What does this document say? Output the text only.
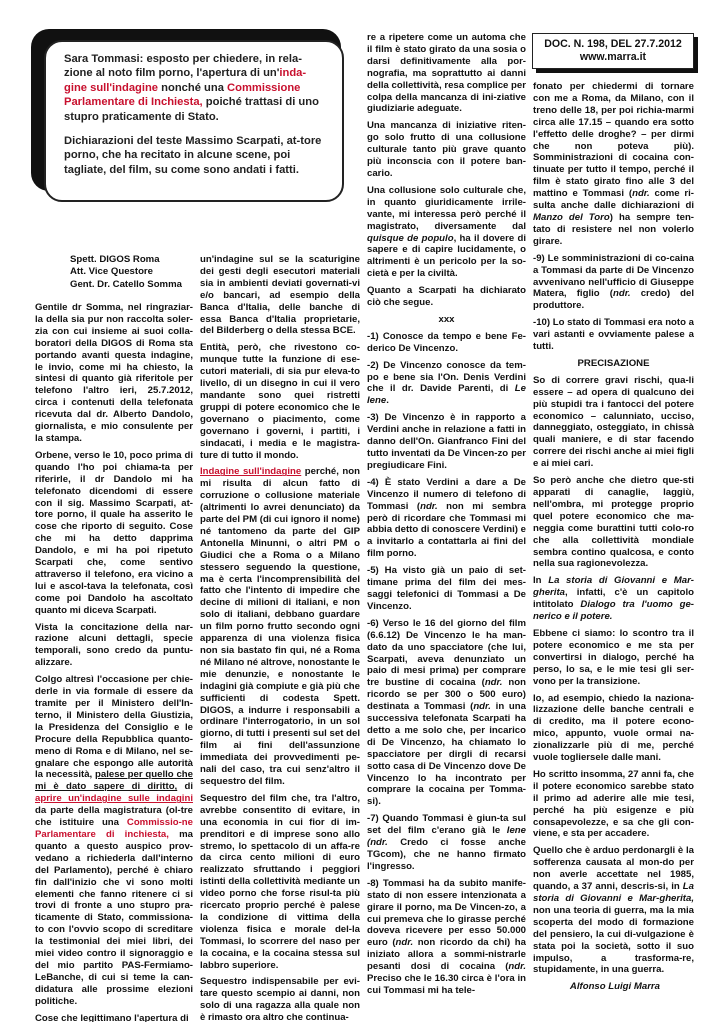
Sara Tommasi: esposto per chiedere, in rela-zione al noto film porno, l'apertura di un'inda-gine sull'indagine nonché una Commissione Parlamentare di Inchiesta, poiché trattasi di uno stupro praticamente di Stato.
Dichiarazioni del teste Massimo Scarpati, at-tore porno, che ha recitato in alcune scene, poi tagliate, del film, su come sono andati i fatti.
DOC. N. 198, DEL 27.7.2012
www.marra.it
Spett. DIGOS Roma
Att. Vice Questore
Gent. Dr. Catello Somma

Gentile dr Somma, nel ringraziar-la della sia pur non raccolta soler-zia con cui insieme ai suoi colla-boratori della DIGOS di Roma sta portando avanti questa indagine, le invio, come mi ha chiesto, la sintesi di quanto già riferitole per telefono l'altro ieri, 25.7.2012, circa i contenuti della telefonata ricevuta dal dr. Alberto Dandolo, giornalista, e mio consulente per la stampa.

Orbene, verso le 10, poco prima di quando l'ho poi chiama-ta per riferirle, il dr Dandolo mi ha telefonato dicendomi di essere con il sig. Massimo Scarpati, at-tore porno, il quale ha asserito le cose che riporto di seguito. Cose che mi ha detto dapprima Dandolo, e mi ha poi ripetuto Scarpati che, come sentivo attraverso il telefono, era vicino a lui e ascol-tava la telefonata, così come poi Dandolo ha ascoltato quanto mi diceva Scarpati.

Vista la concitazione della nar-razione alcuni dettagli, specie temporali, sono credo da puntu-alizzare.

Colgo altresì l'occasione per chie-derle in via formale di essere da tramite per il Ministero dell'In-terno, il Ministero della Giustizia, la Presidenza del Consiglio e le Procure della Repubblica quanto-meno di Roma e di Milano, nel se-gnalare che espongo alle autorità la necessità, palese per quello che mi è dato sapere di diritto, di aprire un'indagine sulle indagini da parte della magistratura (ol-tre che istituire una Commissio-ne Parlamentare di inchiesta, ma quanto a questo auspico prov-vedano a richiederla dall'interno del Parlamento), perché è chiaro fin dall'inizio che vi sono molti elementi che fanno ritenere ci si trovi di fronte a uno stupro pra-ticamente di Stato, commissiona-to con l'ovvio scopo di screditare la testimonial dei miei libri, dei miei video contro il signoraggio e del mio partito PAS-Fermiamo-LeBanche, di cui si teme la can-didatura alle prossime elezioni politiche.

Cose che legittimano l'apertura di

un'indagine sul se la scaturigine dei gesti degli esecutori materiali sia in ambienti deviati governati-vi e/o bancari, ad esempio della Banca d'Italia, delle banche di essa Banca d'Italia proprietarie, del Bilderberg o della stessa BCE.

Entità, però, che rivestono co-munque tutte la funzione di ese-cutori materiali, di sia pur eleva-to livello, di un disegno in cui il vero mandante sono quei ristretti gruppi di potere economico che le governano o piacimento, come governano i governi, i partiti, i sindacati, i media e le magistra-ture di tutto il mondo.

Indagine sull'indagine perché, non mi risulta di alcun fatto di corruzione o collusione materiale (altrimenti lo avrei denunciato) da parte del PM (di cui ignoro il nome) né tantomeno da parte del GIP Antonella Minunni, o altri PM o Giudici che a Roma o a Milano stessero seguendo la questione, ma è certa l'incomprensibilità del fatto che l'intento di impedire che decine di milioni di italiani, e non solo di italiani, debbano guardare un film porno frutto secondo ogni apparenza di una violenza fisica non sia bastato fin qui, né a Roma né Milano né altrove, nonostante le mie denunzie, e nonostante le indagini già compiute e già più che sufficienti di codesta Spett. DIGOS, a indurre i responsabili a ordinare l'interrogatorio, in un sol giorno, di tutti i presenti sul set del film ai fini dell'assunzione immediata dei provvedimenti pe-nali del caso, tra cui senz'altro il sequestro del film.

Sequestro del film che, tra l'altro, avrebbe consentito di evitare, in una economia in cui fior di im-prenditori e di imprese sono allo stremo, lo spettacolo di un affa-re da circa cento milioni di euro realizzato sfruttando i peggiori istinti della collettività mediante un video porno che forse risul-ta più ricercato proprio perché è palese la condizione di vittima della violenza fisica e morale del-la Tommasi, lo scorrere del naso per la cocaina, e la cocaina stessa sul labbro superiore.

Sequestro indispensabile per evi-tare questo scempio ai danni, non solo di una ragazza alla quale non è rimasto ora altro che continua-

re a ripetere come un automa che il film è stato girato da una sosia o darsi definitivamente alla por-nografia, ma soprattutto ai danni della collettività, resa complice per colpa della mancanza di ini-ziative giudiziarie adeguate.

Una mancanza di iniziative riten-go solo frutto di una collusione culturale tanto più grave quanto più inconscia con il potere ban-cario.

Una collusione solo culturale che, in quanto giuridicamente irrile-vante, mi interessa però perché il magistrato, diversamente dal quisque de populo, ha il dovere di sapere e di capire lucidamente, o altrimenti è un pericolo per la so-cietà e per la civiltà.

Quanto a Scarpati ha dichiarato ciò che segue.

xxx

-1) Conosce da tempo e bene Fe-derico De Vincenzo.

-2) De Vincenzo conosce da tem-po e bene sia l'On. Denis Verdini che il dr. Davide Parenti, di Le Iene.

-3) De Vincenzo è in rapporto a Verdini anche in relazione a fatti in danno dell'On. Gianfranco Fini del tutto inventati da De Vincen-zo per pregiudicare Fini.

-4) È stato Verdini a dare a De Vincenzo il numero di telefono di Tommasi (ndr. non mi sembra però di ricordare che Tommasi mi abbia detto di conoscere Verdini) e a invitarlo a contattarla ai fini del film porno.

-5) Ha visto già un paio di set-timane prima del film dei mes-saggi telefonici di Tommasi a De Vincenzo.

-6) Verso le 16 del giorno del film (6.6.12) De Vincenzo le ha man-dato da uno spacciatore (che lui, Scarpati, aveva denunziato un paio di mesi prima) per comprare tre bustine di cocaina (ndr. non ricordo se per 300 o 500 euro) destinata a Tommasi (ndr. in una successiva telefonata Scarpati ha detto a me solo che, per incarico di De Vincenzo, ha chiamato lo spacciatore per dirgli di recarsi sotto casa di De Vincenzo dove De Vincenzo lo ha incontrato per comprare la cocaina per Tomma-si).

-7) Quando Tommasi è giun-ta sul set del film c'erano già le Iene (ndr. Credo ci fosse anche TGcom), che ne hanno firmato l'ingresso.

-8) Tommasi ha da subito manife-stato di non essere intenzionata a girare il porno, ma De Vincen-zo, a cui premeva che lo girasse perché doveva ricevere per esso 50.000 euro (ndr. non ricordo da chi) ha iniziato allora a sommi-nistrarle pesanti dosi di cocaina (ndr. Preciso che le 16.30 circa è l'ora in cui Tommasi mi ha tele-

fonato per chiedermi di tornare con me a Roma, da Milano, con il treno delle 18, per poi richia-marmi circa alle 17.15 – quando era sotto l'effetto delle droghe? – per dirmi che non poteva più). Somministrazioni di cocaina con-tinuate per tutto il tempo, perché il film è stato girato fino alle 3 del mattino e Tommasi (ndr. come ri-sulta anche dalle dichiarazioni di Manzo del Toro) ha sempre ten-tato di resistere nel non volerlo girare.

-9) Le somministrazioni di co-caina a Tommasi da parte di De Vincenzo avvenivano nell'ufficio di Giuseppe Matera, figlio (ndr. credo) del produttore.

-10) Lo stato di Tommasi era noto a vari astanti e ovviamente palese a tutti.

PRECISAZIONE

So di correre gravi rischi, qua-li essere – ad opera di qualcuno dei più stupidi tra i fantocci del potere economico – calunniato, ucciso, danneggiato, osteggiato, in chissà quali maniere, e di star facendo correre dei rischi anche ai miei figli e ai miei cari.

So però anche che dietro que-sti apparati di canaglie, laggiù, nell'ombra, mi protegge proprio quel potere economico che ma-neggia come burattini tutti colo-ro che alla collettività mondiale sembra contino qualcosa, e conto nella sua ragionevolezza.

In La storia di Giovanni e Mar-gherita, infatti, c'è un capitolo intitolato Dialogo tra l'uomo ge-nerico e il potere.

Ebbene ci siamo: lo scontro tra il potere economico e me sta per convertirsi in dialogo, perché ha perso, lo sa, e le mie tesi gli ser-vono per la transizione.

Io, ad esempio, chiedo la naziona-lizzazione delle banche centrali e di credito, ma il potere econo-mico, appunto, vuole ormai na-zionalizzarle più di me, perché vuole togliersele dalle mani.

Ho scritto insomma, 27 anni fa, che il potere economico sarebbe stato il primo ad aderire alle mie tesi, perché ha più esigenze e più consapevolezze, e sa che gli con-viene, e sta per accadere.

Quello che è arduo perdonargli è la sofferenza causata al mon-do per non averle accettate nel 1985, quando, a 37 anni, descris-si, in La storia di Giovanni e Mar-gherita, non una teoria di guerra, ma la mia scoperta del modo di formazione del pensiero, la cui di-vulgazione è stata poi la società, sotto il suo impulso, a trasforma-re, stupidamente, in una guerra.

Alfonso Luigi Marra
